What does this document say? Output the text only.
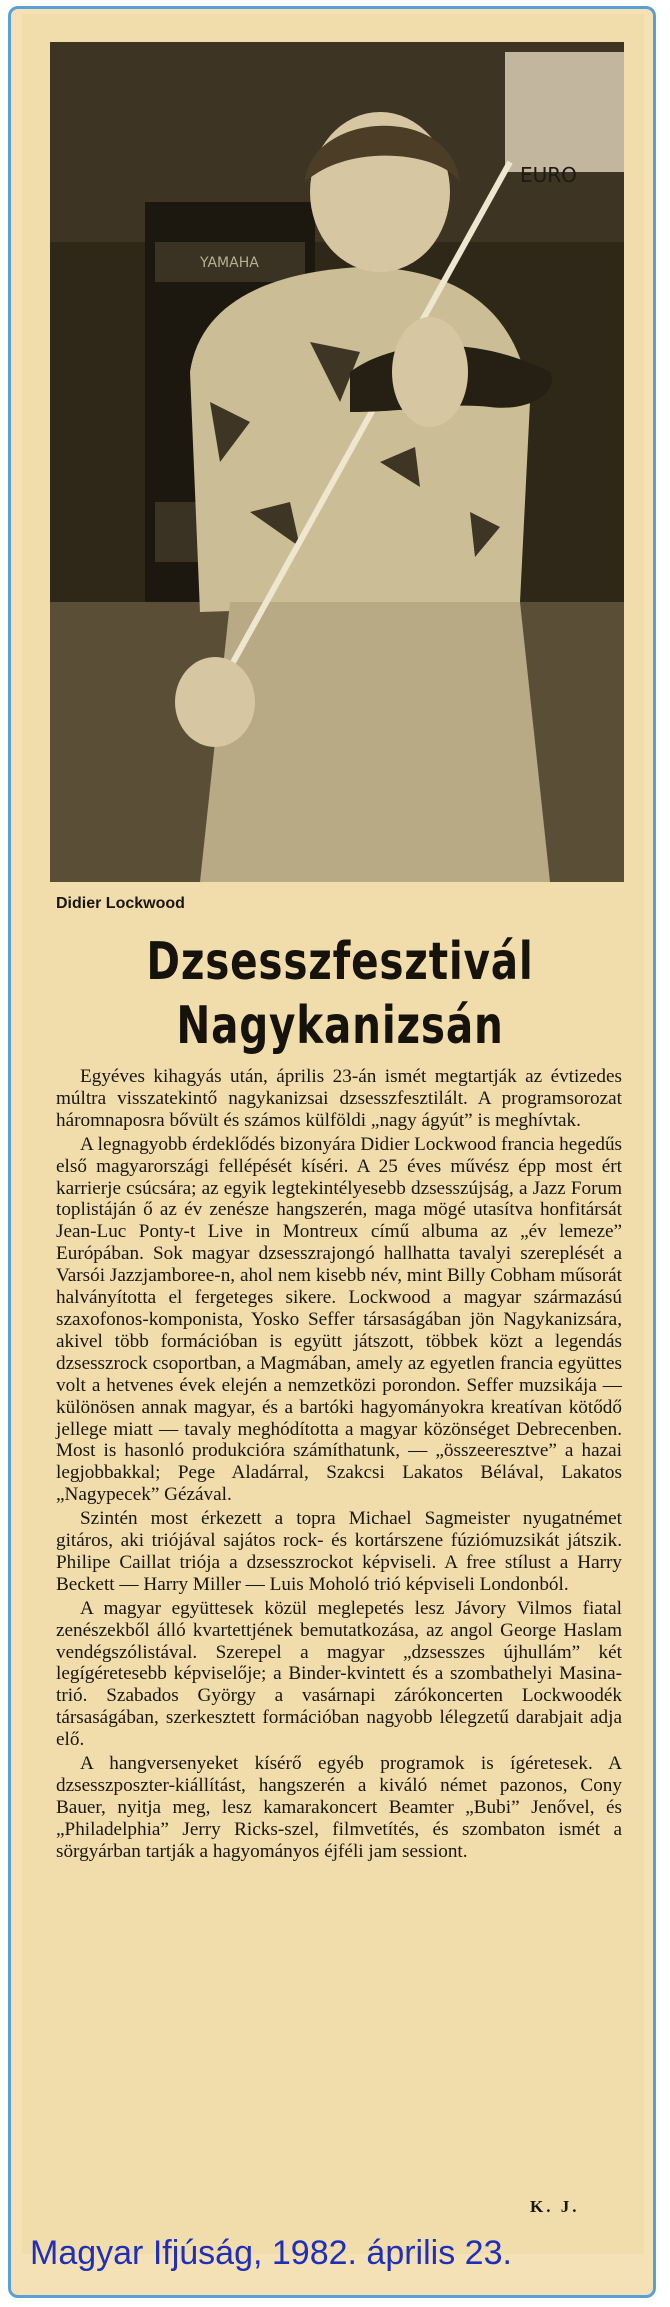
EURO
YAMAHA
Didier Lockwood
Dzsesszfesztivál
Nagykanizsán

Egyéves kihagyás után, április 23-án ismét megtartják az évtizedes múltra visszatekintő nagykanizsai dzsesszfesztilált. A programsorozat háromnaposra bővült és számos külföldi „nagy ágyút” is meghívtak.

A legnagyobb érdeklődés bizonyára Didier Lockwood francia hegedűs első magyarországi fellépését kíséri. A 25 éves művész épp most ért karrierje csúcsára; az egyik legtekintélyesebb dzsesszújság, a Jazz Forum toplistáján ő az év zenésze hangszerén, maga mögé utasítva honfitársát Jean-Luc Ponty-t Live in Montreux című albuma az „év lemeze” Európában. Sok magyar dzsesszrajongó hallhatta tavalyi szereplését a Varsói Jazzjamboree-n, ahol nem kisebb név, mint Billy Cobham műsorát halványította el fergeteges sikere. Lockwood a magyar származású szaxofonos-komponista, Yosko Seffer társaságában jön Nagykanizsára, akivel több formációban is együtt játszott, többek közt a legendás dzsesszrock csoportban, a Magmában, amely az egyetlen francia együttes volt a hetvenes évek elején a nemzetközi porondon. Seffer muzsikája — különösen annak magyar, és a bartóki hagyományokra kreatívan kötődő jellege miatt — tavaly meghódította a magyar közönséget Debrecenben. Most is hasonló produkcióra számíthatunk, — „összeeresztve” a hazai legjobbakkal; Pege Aladárral, Szakcsi Lakatos Bélával, Lakatos „Nagypecek” Gézával.

Szintén most érkezett a topra Michael Sagmeister nyugatnémet gitáros, aki triójával sajátos rock- és kortárszene fúziómuzsikát játszik. Philipe Caillat triója a dzsesszrockot képviseli. A free stílust a Harry Beckett — Harry Miller — Luis Moholó trió képviseli Londonból.

A magyar együttesek közül meglepetés lesz Jávory Vilmos fiatal zenészekből álló kvartettjének bemutatkozása, az angol George Haslam vendégszólistával. Szerepel a magyar „dzsesszes újhullám” két legígéretesebb képviselője; a Binder-kvintett és a szombathelyi Masina-trió. Szabados György a vasárnapi zárókoncerten Lockwoodék társaságában, szerkesztett formációban nagyobb lélegzetű darabjait adja elő.

A hangversenyeket kísérő egyéb programok is ígéretesek. A dzsesszposzter-kiállítást, hangszerén a kiváló német pazonos, Cony Bauer, nyitja meg, lesz kamarakoncert Beamter „Bubi” Jenővel, és „Philadelphia” Jerry Ricks-szel, filmvetítés, és szombaton ismét a sörgyárban tartják a hagyományos éjféli jam sessiont.

K. J.
Magyar Ifjúság, 1982. április 23.
